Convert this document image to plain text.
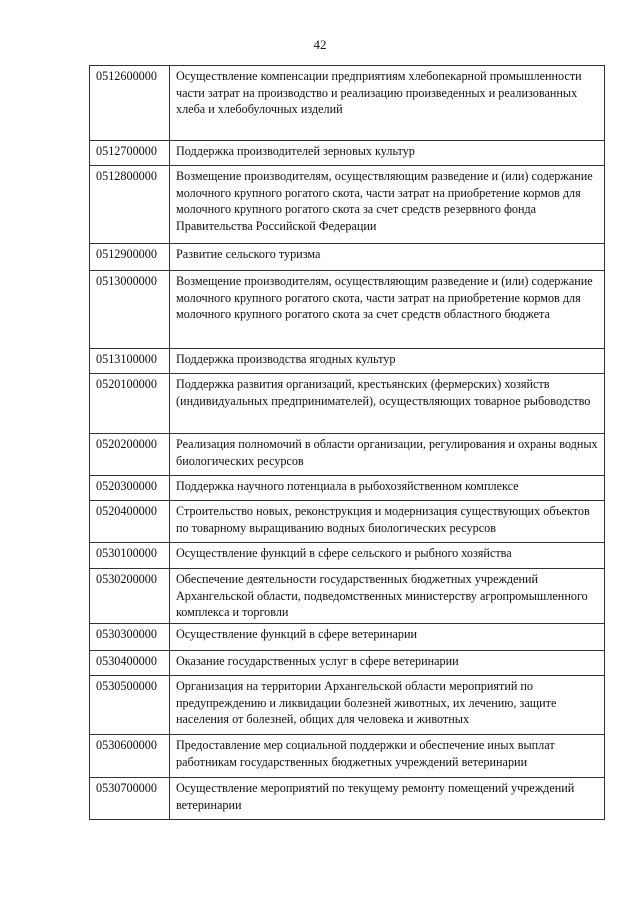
42
0512600000	Осуществление компенсации предприятиям хлебопекарной промышленности части затрат на производство и реализацию произведенных и реализованных хлеба и хлебобулочных изделий
0512700000	Поддержка производителей зерновых культур
0512800000	Возмещение производителям, осуществляющим разведение и (или) содержание молочного крупного рогатого скота, части затрат на приобретение кормов для молочного крупного рогатого скота за счет средств резервного фонда Правительства Российской Федерации
0512900000	Развитие сельского туризма
0513000000	Возмещение производителям, осуществляющим разведение и (или) содержание молочного крупного рогатого скота, части затрат на приобретение кормов для молочного крупного рогатого скота за счет средств областного бюджета
0513100000	Поддержка производства ягодных культур
0520100000	Поддержка развития организаций, крестьянских (фермерских) хозяйств (индивидуальных предпринимателей), осуществляющих товарное рыбоводство
0520200000	Реализация полномочий в области организации, регулирования и охраны водных биологических ресурсов
0520300000	Поддержка научного потенциала в рыбохозяйственном комплексе
0520400000	Строительство новых, реконструкция и модернизация существующих объектов по товарному выращиванию водных биологических ресурсов
0530100000	Осуществление функций в сфере сельского и рыбного хозяйства
0530200000	Обеспечение деятельности государственных бюджетных учреждений Архангельской области, подведомственных министерству агропромышленного комплекса и торговли
0530300000	Осуществление функций в сфере ветеринарии
0530400000	Оказание государственных услуг в сфере ветеринарии
0530500000	Организация на территории Архангельской области мероприятий по предупреждению и ликвидации болезней животных, их лечению, защите населения от болезней, общих для человека и животных
0530600000	Предоставление мер социальной поддержки и обеспечение иных выплат работникам государственных бюджетных учреждений ветеринарии
0530700000	Осуществление мероприятий по текущему ремонту помещений учреждений ветеринарии
